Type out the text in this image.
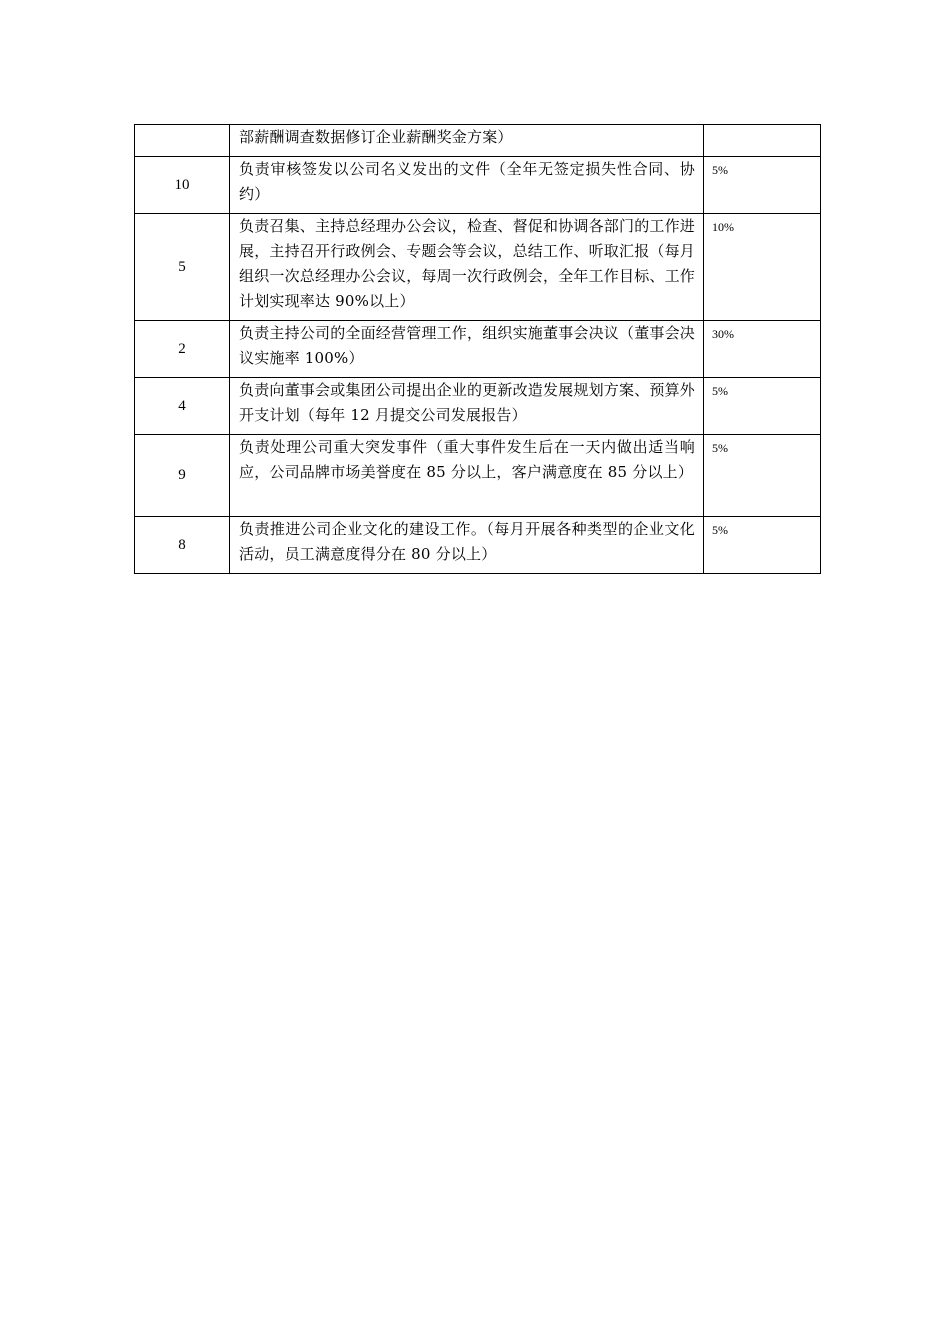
	部薪酬调查数据修订企业薪酬奖金方案）	
10	负责审核签发以公司名义发出的文件（全年无签定损失性合同、协约）	5%
5	负责召集、主持总经理办公会议，检查、督促和协调各部门的工作进展，主持召开行政例会、专题会等会议，总结工作、听取汇报（每月组织一次总经理办公会议，每周一次行政例会，全年工作目标、工作计划实现率达 90%以上）	10%
2	负责主持公司的全面经营管理工作，组织实施董事会决议（董事会决议实施率 100%）	30%
4	负责向董事会或集团公司提出企业的更新改造发展规划方案、预算外开支计划（每年 12 月提交公司发展报告）	5%
9	负责处理公司重大突发事件（重大事件发生后在一天内做出适当响应，公司品牌市场美誉度在 85 分以上，客户满意度在 85 分以上）	5%
8	负责推进公司企业文化的建设工作。（每月开展各种类型的企业文化活动，员工满意度得分在 80 分以上）	5%
